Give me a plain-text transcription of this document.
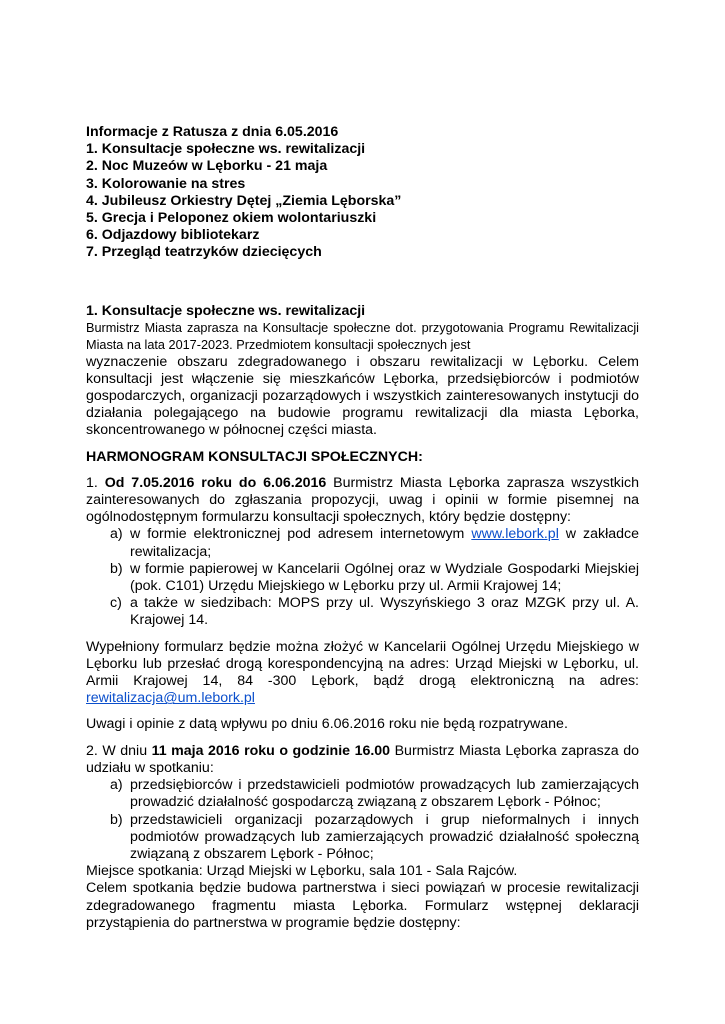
Informacje z Ratusza z dnia 6.05.2016
1. Konsultacje społeczne ws. rewitalizacji
2. Noc Muzeów w Lęborku - 21 maja
3. Kolorowanie na stres
4. Jubileusz Orkiestry Dętej „Ziemia Lęborska”
5. Grecja i Peloponez okiem wolontariuszki
6. Odjazdowy bibliotekarz
7. Przegląd teatrzyków dziecięcych
1. Konsultacje społeczne ws. rewitalizacji
Burmistrz Miasta zaprasza na Konsultacje społeczne dot. przygotowania Programu Rewitalizacji Miasta na lata 2017-2023. Przedmiotem konsultacji społecznych jest
wyznaczenie obszaru zdegradowanego i obszaru rewitalizacji w Lęborku. Celem konsultacji jest włączenie się mieszkańców Lęborka, przedsiębiorców i podmiotów gospodarczych, organizacji pozarządowych i wszystkich zainteresowanych instytucji do działania polegającego na budowie programu rewitalizacji dla miasta Lęborka, skoncentrowanego w północnej części miasta.
HARMONOGRAM KONSULTACJI SPOŁECZNYCH:
1. Od 7.05.2016 roku do 6.06.2016 Burmistrz Miasta Lęborka zaprasza wszystkich zainteresowanych do zgłaszania propozycji, uwag i opinii w formie pisemnej na ogólnodostępnym formularzu konsultacji społecznych, który będzie dostępny:
a) w formie elektronicznej pod adresem internetowym www.lebork.pl w zakładce rewitalizacja;
b) w formie papierowej w Kancelarii Ogólnej oraz w Wydziale Gospodarki Miejskiej (pok. C101) Urzędu Miejskiego w Lęborku przy ul. Armii Krajowej 14;
c) a także w siedzibach: MOPS przy ul. Wyszyńskiego 3 oraz MZGK przy ul. A. Krajowej 14.
Wypełniony formularz będzie można złożyć w Kancelarii Ogólnej Urzędu Miejskiego w Lęborku lub przesłać drogą korespondencyjną na adres: Urząd Miejski w Lęborku, ul. Armii Krajowej 14, 84 -300 Lębork, bądź drogą elektroniczną na adres: rewitalizacja@um.lebork.pl
Uwagi i opinie z datą wpływu po dniu 6.06.2016 roku nie będą rozpatrywane.
2. W dniu 11 maja 2016 roku o godzinie 16.00 Burmistrz Miasta Lęborka zaprasza do udziału w spotkaniu:
a) przedsiębiorców i przedstawicieli podmiotów prowadzących lub zamierzających prowadzić działalność gospodarczą związaną z obszarem Lębork - Północ;
b) przedstawicieli organizacji pozarządowych i grup nieformalnych i innych podmiotów prowadzących lub zamierzających prowadzić działalność społeczną związaną z obszarem Lębork - Północ;
Miejsce spotkania: Urząd Miejski w Lęborku, sala 101 - Sala Rajców.
Celem spotkania będzie budowa partnerstwa i sieci powiązań w procesie rewitalizacji zdegradowanego fragmentu miasta Lęborka. Formularz wstępnej deklaracji przystąpienia do partnerstwa w programie będzie dostępny:
